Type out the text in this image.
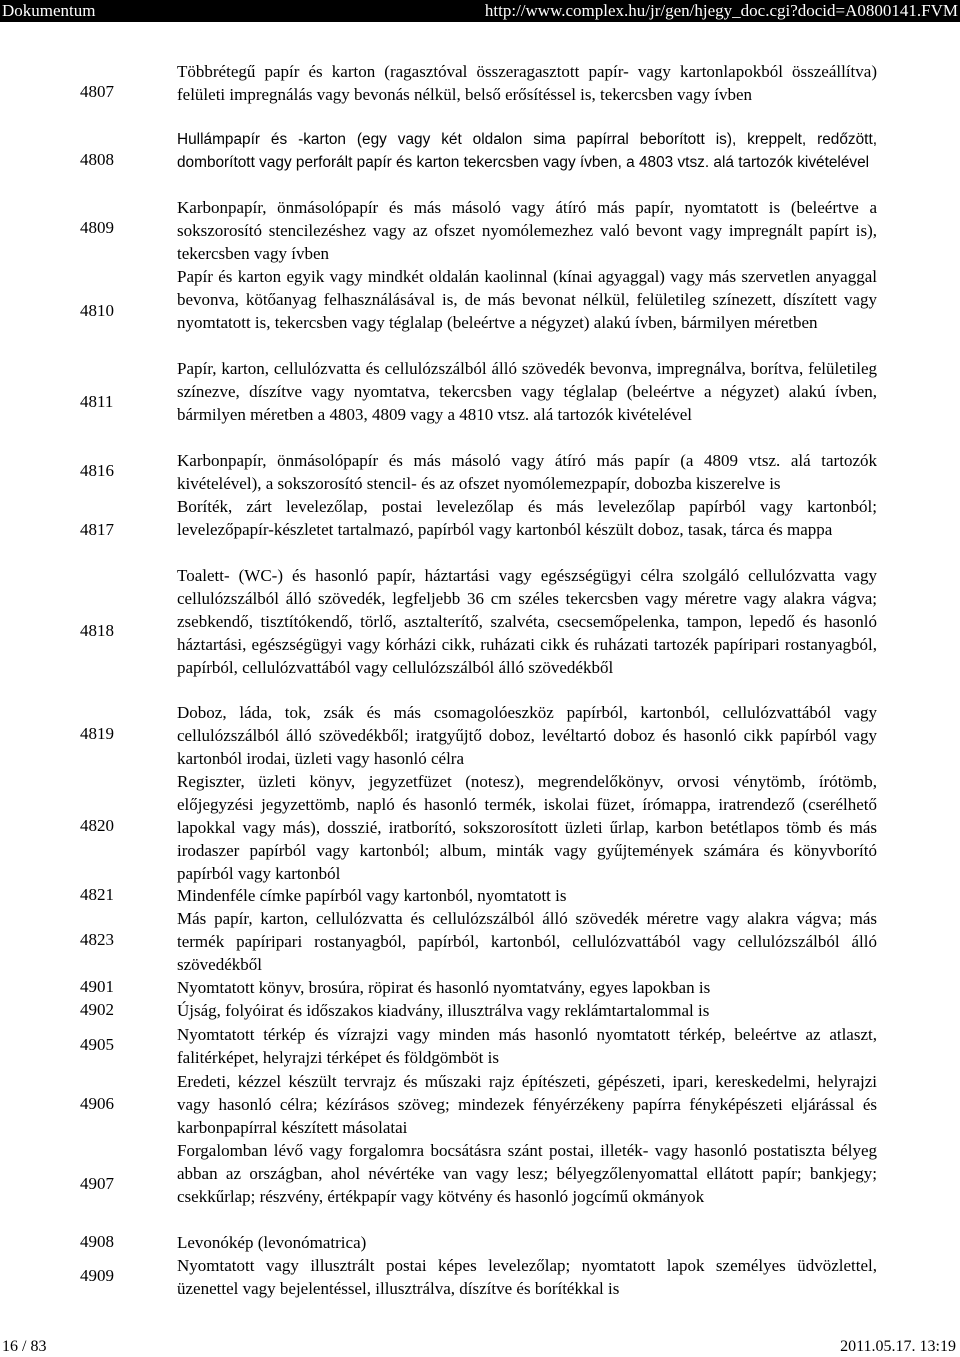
Dokumentum	http://www.complex.hu/jr/gen/hjegy_doc.cgi?docid=A0800141.FVM
4807
Többrétegű papír és karton (ragasztóval összeragasztott papír- vagy kartonlapokból összeállítva) felületi impregnálás vagy bevonás nélkül, belső erősítéssel is, tekercsben vagy ívben
4808
Hullámpapír és -karton (egy vagy két oldalon sima papírral beborított is), kreppelt, redőzött, domborított vagy perforált papír és karton tekercsben vagy ívben, a 4803 vtsz. alá tartozók kivételével
4809
Karbonpapír, önmásolópapír és más másoló vagy átíró más papír, nyomtatott is (beleértve a sokszorosító stencilezéshez vagy az ofszet nyomólemezhez való bevont vagy impregnált papírt is), tekercsben vagy ívben
4810
Papír és karton egyik vagy mindkét oldalán kaolinnal (kínai agyaggal) vagy más szervetlen anyaggal bevonva, kötőanyag felhasználásával is, de más bevonat nélkül, felületileg színezett, díszített vagy nyomtatott is, tekercsben vagy téglalap (beleértve a négyzet) alakú ívben, bármilyen méretben
4811
Papír, karton, cellulózvatta és cellulózszálból álló szövedék bevonva, impregnálva, borítva, felületileg színezve, díszítve vagy nyomtatva, tekercsben vagy téglalap (beleértve a négyzet) alakú ívben, bármilyen méretben a 4803, 4809 vagy a 4810 vtsz. alá tartozók kivételével
4816
Karbonpapír, önmásolópapír és más másoló vagy átíró más papír (a 4809 vtsz. alá tartozók kivételével), a sokszorosító stencil- és az ofszet nyomólemezpapír, dobozba kiszerelve is
4817
Boríték, zárt levelezőlap, postai levelezőlap és más levelezőlap papírból vagy kartonból; levelezőpapír-készletet tartalmazó, papírból vagy kartonból készült doboz, tasak, tárca és mappa
4818
Toalett- (WC-) és hasonló papír, háztartási vagy egészségügyi célra szolgáló cellulózvatta vagy cellulózszálból álló szövedék, legfeljebb 36 cm széles tekercsben vagy méretre vagy alakra vágva; zsebkendő, tisztítókendő, törlő, asztalterítő, szalvéta, csecsemőpelenka, tampon, lepedő és hasonló háztartási, egészségügyi vagy kórházi cikk, ruházati cikk és ruházati tartozék papíripari rostanyagból, papírból, cellulózvattából vagy cellulózszálból álló szövedékből
4819
Doboz, láda, tok, zsák és más csomagolóeszköz papírból, kartonból, cellulózvattából vagy cellulózszálból álló szövedékből; iratgyűjtő doboz, levéltartó doboz és hasonló cikk papírból vagy kartonból irodai, üzleti vagy hasonló célra
4820
Regiszter, üzleti könyv, jegyzetfüzet (notesz), megrendelőkönyv, orvosi vénytömb, írótömb, előjegyzési jegyzettömb, napló és hasonló termék, iskolai füzet, írómappa, iratrendező (cserélhető lapokkal vagy más), dosszié, iratborító, sokszorosított üzleti űrlap, karbon betétlapos tömb és más irodaszer papírból vagy kartonból; album, minták vagy gyűjtemények számára és könyvborító papírból vagy kartonból
4821	Mindenféle címke papírból vagy kartonból, nyomtatott is
4823
Más papír, karton, cellulózvatta és cellulózszálból álló szövedék méretre vagy alakra vágva; más termék papíripari rostanyagból, papírból, kartonból, cellulózvattából vagy cellulózszálból álló szövedékből
4901	Nyomtatott könyv, brosúra, röpirat és hasonló nyomtatvány, egyes lapokban is
4902	Újság, folyóirat és időszakos kiadvány, illusztrálva vagy reklámtartalommal is
4905
Nyomtatott térkép és vízrajzi vagy minden más hasonló nyomtatott térkép, beleértve az atlaszt, falitérképet, helyrajzi térképet és földgömböt is
4906
Eredeti, kézzel készült tervrajz és műszaki rajz építészeti, gépészeti, ipari, kereskedelmi, helyrajzi vagy hasonló célra; kézírásos szöveg; mindezek fényérzékeny papírra fényképészeti eljárással és karbonpapírral készített másolatai
4907
Forgalomban lévő vagy forgalomra bocsátásra szánt postai, illeték- vagy hasonló postatiszta bélyeg abban az országban, ahol névértéke van vagy lesz; bélyegzőlenyomattal ellátott papír; bankjegy; csekkűrlap; részvény, értékpapír vagy kötvény és hasonló jogcímű okmányok
4908	Levonókép (levonómatrica)
4909
Nyomtatott vagy illusztrált postai képes levelezőlap; nyomtatott lapok személyes üdvözlettel, üzenettel vagy bejelentéssel, illusztrálva, díszítve és borítékkal is
16 / 83	2011.05.17. 13:19
